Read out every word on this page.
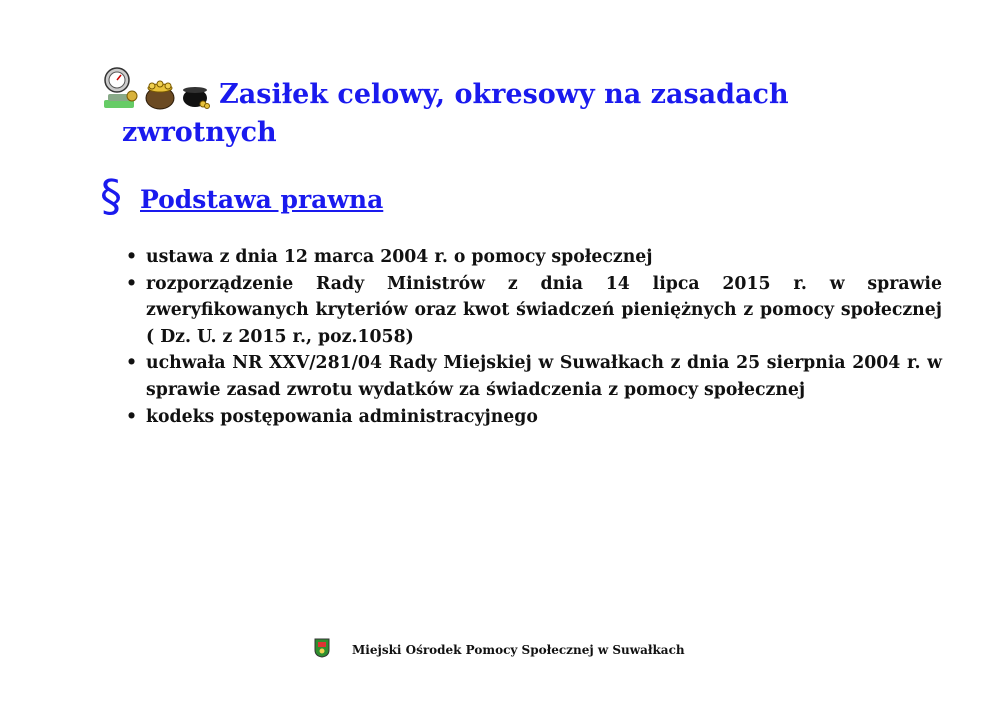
Zasiłek celowy, okresowy na zasadach
zwrotnych
§ Podstawa prawna
• ustawa z dnia 12 marca 2004 r. o pomocy społecznej
• rozporządzenie Rady Ministrów z dnia 14 lipca 2015 r. w sprawie zweryfikowanych kryteriów oraz kwot świadczeń pieniężnych z pomocy społecznej ( Dz. U. z 2015 r., poz.1058)
• uchwała NR XXV/281/04 Rady Miejskiej w Suwałkach z dnia 25 sierpnia 2004 r. w sprawie zasad zwrotu wydatków za świadczenia z pomocy społecznej
• kodeks postępowania administracyjnego
Miejski Ośrodek Pomocy Społecznej w Suwałkach
